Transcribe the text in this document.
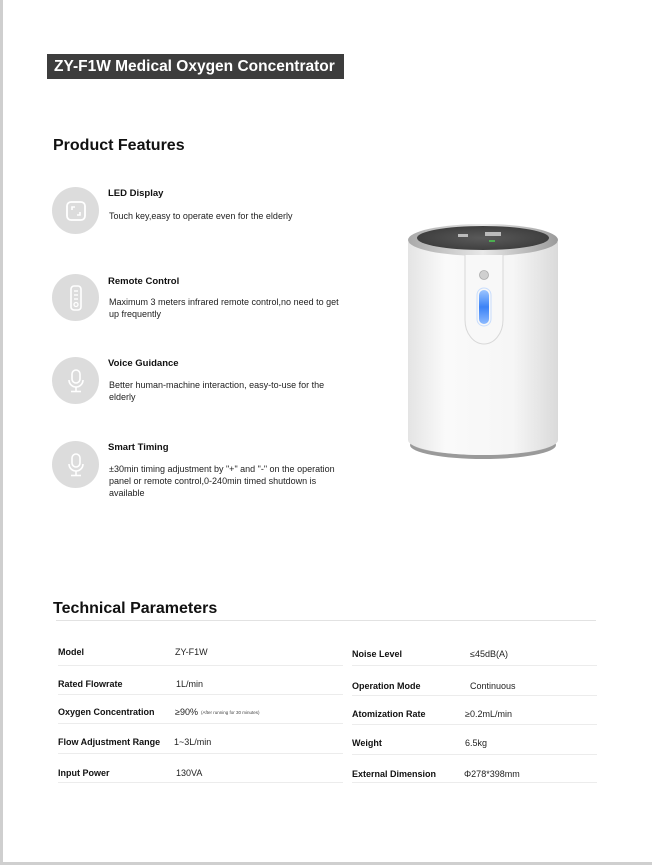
ZY-F1W Medical Oxygen Concentrator
Product Features
LED Display
Touch key,easy to operate even for the elderly
Remote Control
Maximum 3 meters infrared remote control,no need to get up frequently
Voice Guidance
Better human-machine interaction, easy-to-use for the elderly
Smart Timing
±30min timing adjustment by "+" and "-" on the operation panel or remote control,0-240min timed shutdown is available
Technical Parameters
Model	ZY-F1W
Rated Flowrate	1L/min
Oxygen Concentration ≥90% (After running for 30 minutes)
Flow Adjustment Range 1~3L/min
Input Power	130VA
Noise Level	≤45dB(A)
Operation Mode	Continuous
Atomization Rate	≥0.2mL/min
Weight	6.5kg
External Dimension	Φ278*398mm
